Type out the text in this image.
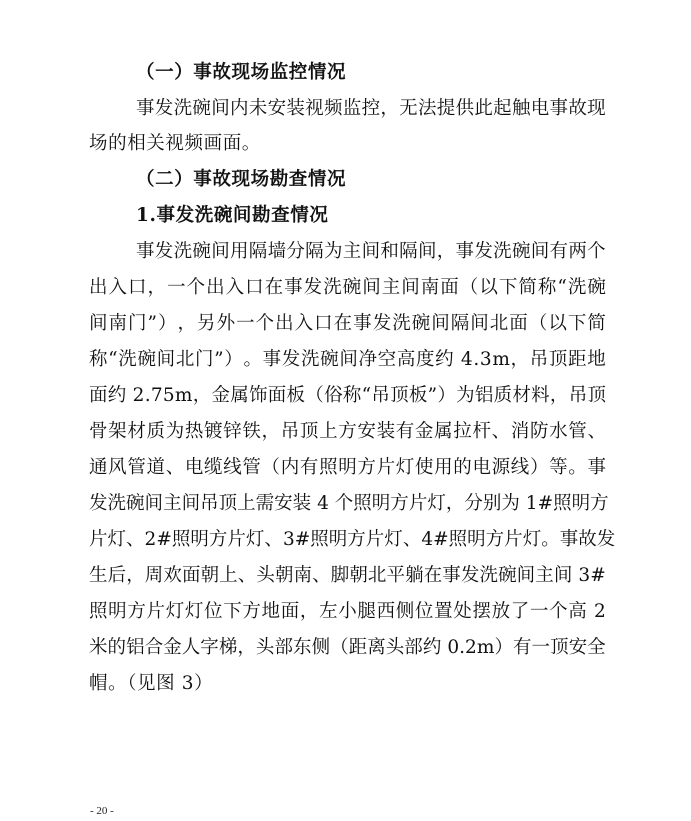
（一）事故现场监控情况
事 发 洗 碗 间 内 未 安 装 视 频 监 控 ， 无 法 提 供 此 起 触 电 事 故 现
场的相关视频画面。
（二）事故现场勘查情况
1.事发洗碗间勘查情况
事 发 洗 碗 间 用 隔 墙 分 隔 为 主 间 和 隔 间 ， 事 发 洗 碗 间 有 两 个
出 入 口 ， 一 个 出 入 口 在 事 发 洗 碗 间 主 间 南 面 （ 以 下 简 称 “ 洗 碗
间 南 门 ” ） ， 另 外 一 个 出 入 口 在 事 发 洗 碗 间 隔 间 北 面 （ 以 下 简
称 “ 洗 碗 间 北 门 ” ） 。 事 发 洗 碗 间 净 空 高 度 约
4 . 3 m ， 吊 顶 距 地
面 约
2 . 7 5 m ， 金 属 饰 面 板 （ 俗 称 “ 吊 顶 板 ” ） 为 铝 质 材 料 ， 吊 顶
骨 架 材 质 为 热 镀 锌 铁 ， 吊 顶 上 方 安 装 有 金 属 拉 杆 、 消 防 水 管 、
通 风 管 道 、 电 缆 线 管 （ 内 有 照 明 方 片 灯 使 用 的 电 源 线 ） 等 。 事
发 洗 碗 间 主 间 吊 顶 上 需 安 装
4
个 照 明 方 片 灯 ， 分 别 为
1 # 照 明 方
片 灯 、 2 # 照 明 方 片 灯 、 3 # 照 明 方 片 灯 、 4 # 照 明 方 片 灯 。 事 故 发
生 后 ， 周 欢 面 朝 上 、 头 朝 南 、 脚 朝 北 平 躺 在 事 发 洗 碗 间 主 间
3 #
照 明 方 片 灯 灯 位 下 方 地 面 ， 左 小 腿 西 侧 位 置 处 摆 放 了 一 个 高
2
米 的 铝 合 金 人 字 梯 ， 头 部 东 侧 （ 距 离 头 部 约
0 . 2 m ） 有 一 顶 安 全
帽。（见图 3）
- 20 -
